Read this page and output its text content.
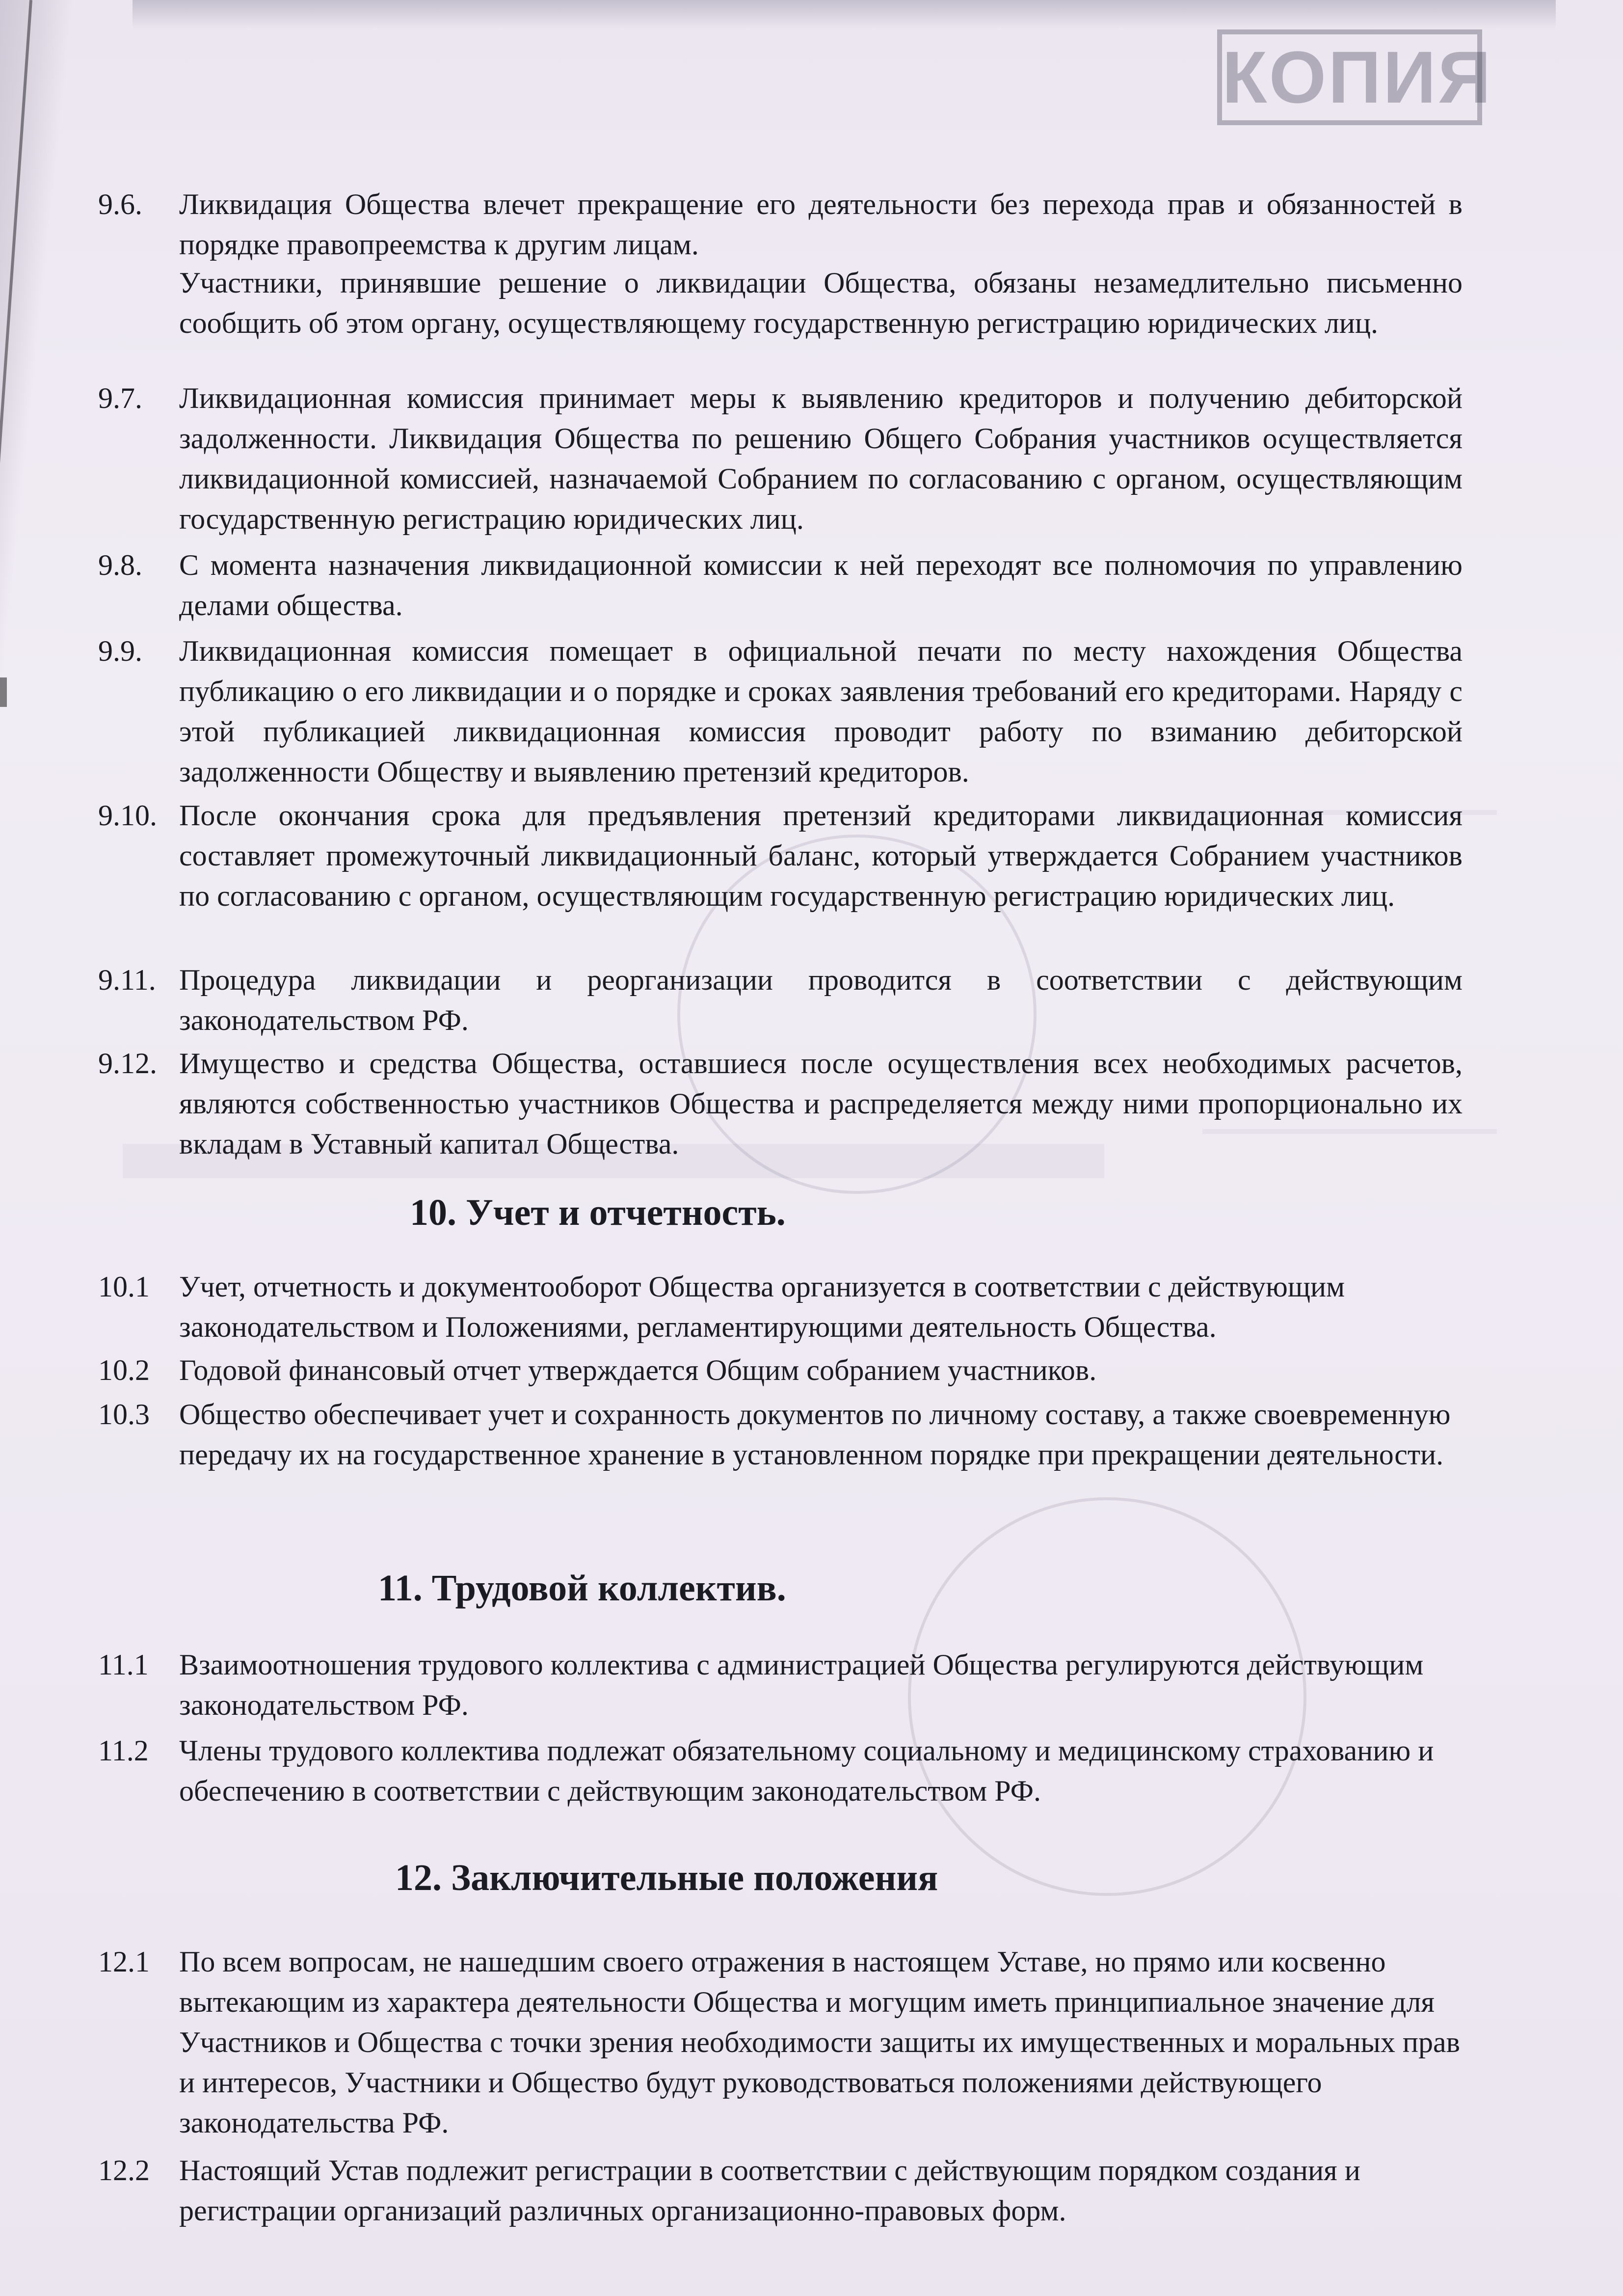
КОПИЯ
9.6.	Ликвидация Общества влечет прекращение его деятельности без перехода прав и обязанностей в порядке правопреемства к другим лицам.
Участники, принявшие решение о ликвидации Общества, обязаны незамедлительно письменно сообщить об этом органу, осуществляющему государственную регистрацию юридических лиц.
9.7.	Ликвидационная комиссия принимает меры к выявлению кредиторов и получению дебиторской задолженности. Ликвидация Общества по решению Общего Собрания участников осуществляется ликвидационной комиссией, назначаемой Собранием по согласованию с органом, осуществляющим государственную регистрацию юридических лиц.
9.8.	С момента назначения ликвидационной комиссии к ней переходят все полномочия по управлению делами общества.
9.9.	Ликвидационная комиссия помещает в официальной печати по месту нахождения Общества публикацию о его ликвидации и о порядке и сроках заявления требований его кредиторами. Наряду с этой публикацией ликвидационная комиссия проводит работу по взиманию дебиторской задолженности Обществу и выявлению претензий кредиторов.
9.10. После окончания срока для предъявления претензий кредиторами ликвидационная комиссия составляет промежуточный ликвидационный баланс, который утверждается Собранием участников по согласованию с органом, осуществляющим государственную регистрацию юридических лиц.
9.11. Процедура ликвидации и реорганизации проводится в соответствии с действующим законодательством РФ.
9.12. Имущество и средства Общества, оставшиеся после осуществления всех необходимых расчетов, являются собственностью участников Общества и распределяется между ними пропорционально их вкладам в Уставный капитал Общества.
10. Учет и отчетность.
10.1	Учет, отчетность и документооборот Общества организуется в соответствии с действующим законодательством и Положениями, регламентирующими деятельность Общества.
10.2	Годовой финансовый отчет утверждается Общим собранием участников.
10.3	Общество обеспечивает учет и сохранность документов по личному составу, а также своевременную передачу их на государственное хранение в установленном порядке при прекращении деятельности.
11. Трудовой коллектив.
11.1	Взаимоотношения трудового коллектива с администрацией Общества регулируются действующим законодательством РФ.
11.2	Члены трудового коллектива подлежат обязательному социальному и медицинскому страхованию и обеспечению в соответствии с действующим законодательством РФ.
12. Заключительные положения
12.1	По всем вопросам, не нашедшим своего отражения в настоящем Уставе, но прямо или косвенно вытекающим из характера деятельности Общества и могущим иметь принципиальное значение для Участников и Общества с точки зрения необходимости защиты их имущественных и моральных прав и интересов, Участники и Общество будут руководствоваться положениями действующего законодательства РФ.
12.2	Настоящий Устав подлежит регистрации в соответствии с действующим порядком создания и регистрации организаций различных организационно-правовых форм.
